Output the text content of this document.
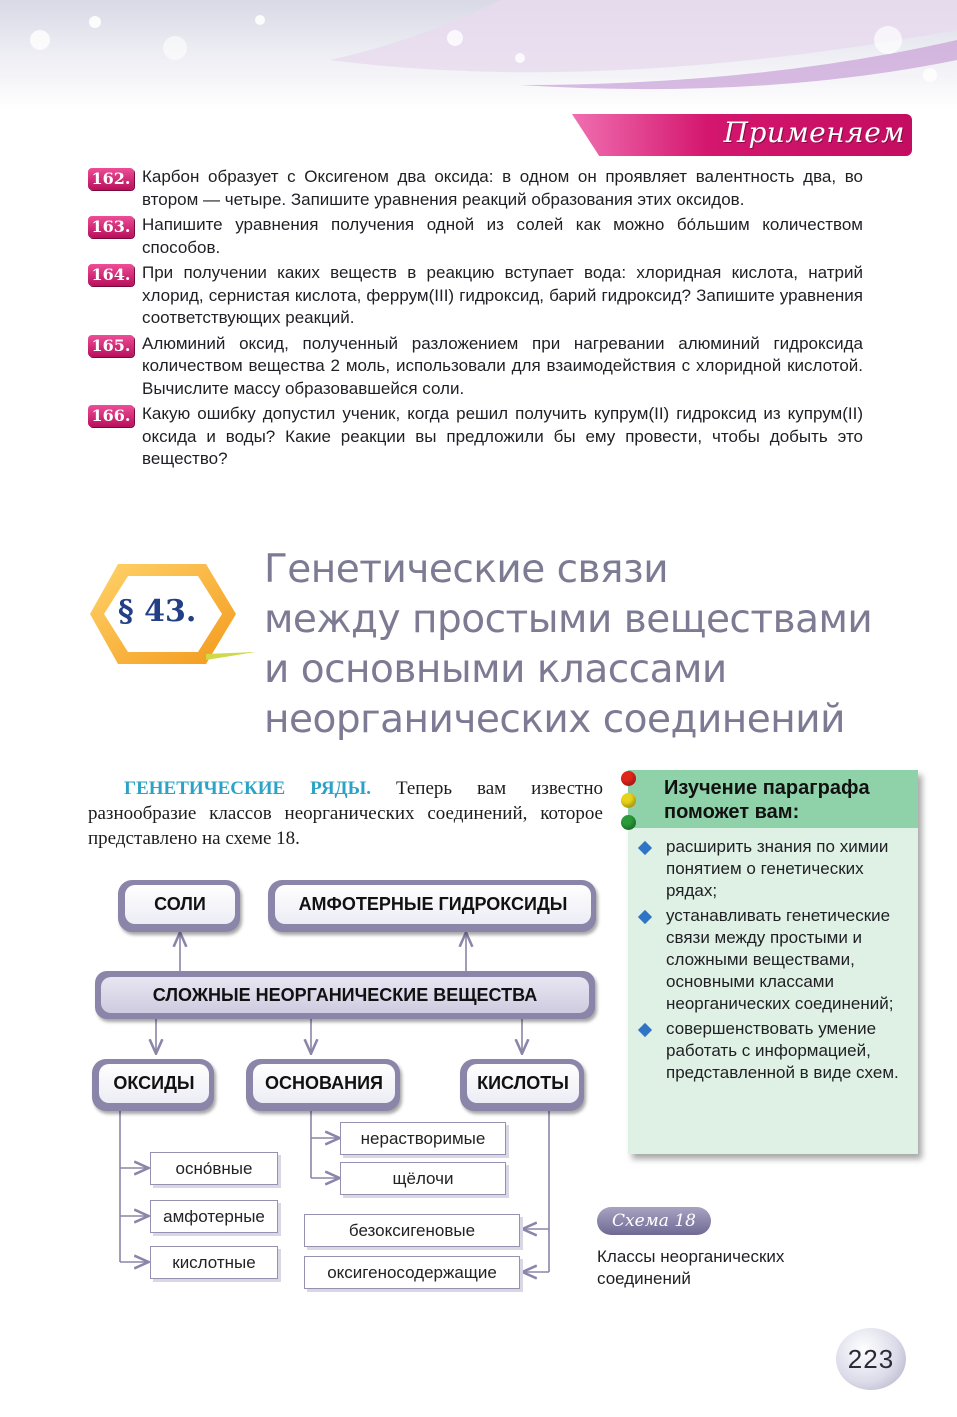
Применяем
162. Карбон образует с Оксигеном два оксида: в одном он проявляет валентность два, во втором — четыре. Запишите уравнения реакций образования этих оксидов.
163. Напишите уравнения получения одной из солей как можно бо́льшим количеством способов.
164. При получении каких веществ в реакцию вступает вода: хлоридная кислота, натрий хлорид, сернистая кислота, феррум(III) гидроксид, барий гидроксид? Запишите уравнения соответствующих реакций.
165. Алюминий оксид, полученный разложением при нагревании алюминий гидроксида количеством вещества 2 моль, использовали для взаимодействия с хлоридной кислотой. Вычислите массу образовавшейся соли.
166. Какую ошибку допустил ученик, когда решил получить купрум(II) гидроксид из купрум(II) оксида и воды? Какие реакции вы предложили бы ему провести, чтобы добыть это вещество?
§ 43.
Генетические связи
между простыми веществами
и основными классами
неорганических соединений

ГЕНЕТИЧЕСКИЕ РЯДЫ. Теперь вам известно разнообразие классов неорганических соединений, которое представлено на схеме 18.

Изучение параграфа поможет вам:
расширить знания по химии понятием о генетических рядах;
устанавливать генетические связи между простыми и сложными веществами, основными классами неорганических соединений;
совершенствовать умение работать с информацией, представленной в виде схем.
СОЛИ	АМФОТЕРНЫЕ ГИДРОКСИДЫ
СЛОЖНЫЕ НЕОРГАНИЧЕСКИЕ ВЕЩЕСТВА
ОКСИДЫ	ОСНОВАНИЯ	КИСЛОТЫ
осно́вные
амфотерные
кислотные
нерастворимые
щёлочи
безоксигеновые
оксигеносодержащие
Схема 18
Классы неорганических соединений
223
